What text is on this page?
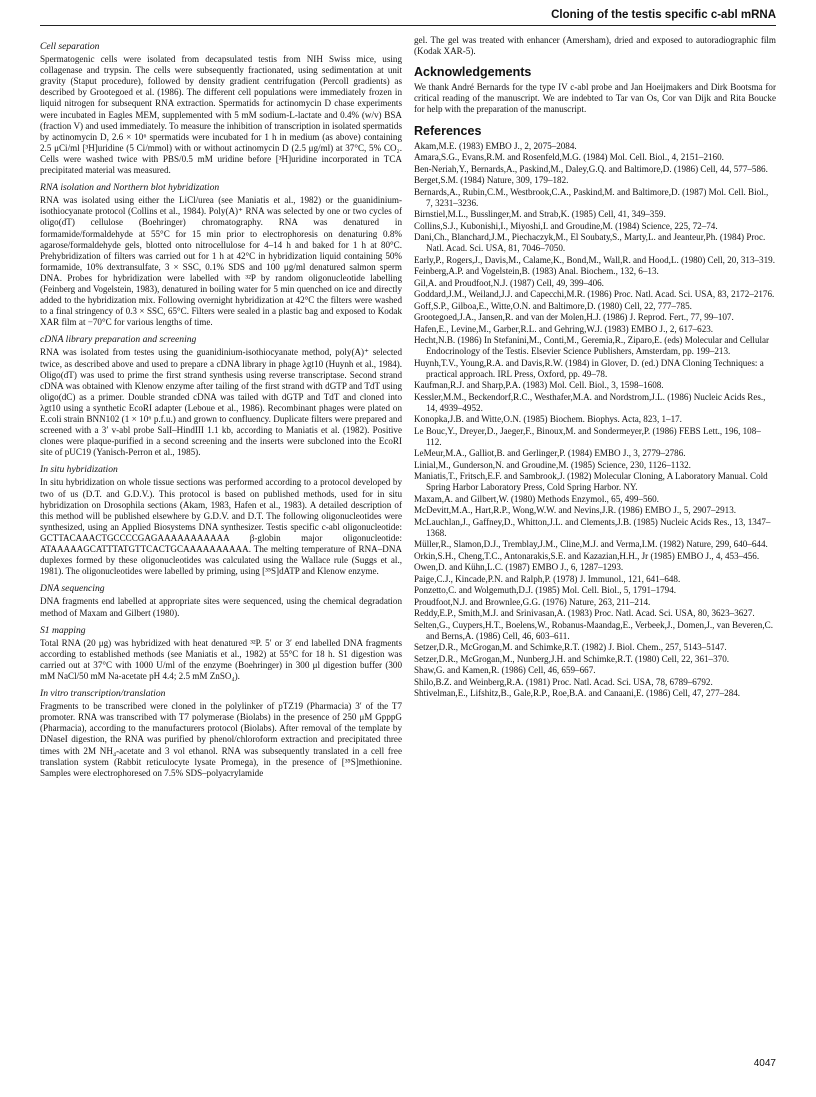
Cloning of the testis specific c-abl mRNA
Cell separation

Spermatogenic cells were isolated from decapsulated testis from NIH Swiss mice, using collagenase and trypsin. The cells were subsequently fractionated, using sedimentation at unit gravity (Staput procedure), followed by density gradient centrifugation (Percoll gradients) as described by Grootegoed et al. (1986). The different cell populations were immediately frozen in liquid nitrogen for subsequent RNA extraction. Spermatids for actinomycin D chase experiments were incubated in Eagles MEM, supplemented with 5 mM sodium-L-lactate and 0.4% (w/v) BSA (fraction V) and used immediately. To measure the inhibition of transcription in isolated spermatids by actinomycin D, 2.6 × 10⁶ spermatids were incubated for 1 h in medium (as above) containing 2.5 μCi/ml [³H]uridine (5 Ci/mmol) with or without actinomycin D (2.5 μg/ml) at 37°C, 5% CO₂. Cells were washed twice with PBS/0.5 mM uridine before [³H]uridine incorporated in TCA precipitated material was measured.

RNA isolation and Northern blot hybridization

RNA was isolated using either the LiCl/urea (see Maniatis et al., 1982) or the guanidinium-isothiocyanate protocol (Collins et al., 1984). Poly(A)⁺ RNA was selected by one or two cycles of oligo(dT) cellulose (Boehringer) chromatography. RNA was denatured in formamide/formaldehyde at 55°C for 15 min prior to electrophoresis on denaturing 0.8% agarose/formaldehyde gels, blotted onto nitrocellulose for 4–14 h and baked for 1 h at 80°C. Prehybridization of filters was carried out for 1 h at 42°C in hybridization liquid containing 50% formamide, 10% dextransulfate, 3 × SSC, 0.1% SDS and 100 μg/ml denatured salmon sperm DNA. Probes for hybridization were labelled with ³²P by random oligonucleotide labelling (Feinberg and Vogelstein, 1983), denatured in boiling water for 5 min quenched on ice and directly added to the hybridization mix. Following overnight hybridization at 42°C the filters were washed to a final stringency of 0.3 × SSC, 65°C. Filters were sealed in a plastic bag and exposed to Kodak XAR film at −70°C for various lengths of time.

cDNA library preparation and screening

RNA was isolated from testes using the guanidinium-isothiocyanate method, poly(A)⁺ selected twice, as described above and used to prepare a cDNA library in phage λgt10 (Huynh et al., 1984). Oligo(dT) was used to prime the first strand synthesis using reverse transcriptase. Second strand cDNA was obtained with Klenow enzyme after tailing of the first strand with dGTP and TdT using oligo(dC) as a primer. Double stranded cDNA was tailed with dGTP and TdT and cloned into λgt10 using a synthetic EcoRI adapter (Leboue et al., 1986). Recombinant phages were plated on E.coli strain BNN102 (1 × 10⁶ p.f.u.) and grown to confluency. Duplicate filters were prepared and screened with a 3′ v-abl probe SalI–HindIII 1.1 kb, according to Maniatis et al. (1982). Positive clones were plaque-purified in a second screening and the inserts were subcloned into the EcoRI site of pUC19 (Yanisch-Perron et al., 1985).

In situ hybridization

In situ hybridization on whole tissue sections was performed according to a protocol developed by two of us (D.T. and G.D.V.). This protocol is based on published methods, used for in situ hybridization on Drosophila sections (Akam, 1983, Hafen et al., 1983). A detailed description of this method will be published elsewhere by G.D.V. and D.T. The following oligonucleotides were synthesized, using an Applied Biosystems DNA synthesizer. Testis specific c-abl oligonucleotide: GCTTACAAACTGCCCCGAGAAAAAAAAAAA β-globin major oligonucleotide: ATAAAAAGCATTTATGTTCACTGCAAAAAAAAAA. The melting temperature of RNA–DNA duplexes formed by these oligonucleotides was calculated using the Wallace rule (Suggs et al., 1981). The oligonucleotides were labelled by priming, using [³⁵S]dATP and Klenow enzyme.

DNA sequencing

DNA fragments end labelled at appropriate sites were sequenced, using the chemical degradation method of Maxam and Gilbert (1980).

S1 mapping

Total RNA (20 μg) was hybridized with heat denatured ³²P. 5′ or 3′ end labelled DNA fragments according to established methods (see Maniatis et al., 1982) at 55°C for 18 h. S1 digestion was carried out at 37°C with 1000 U/ml of the enzyme (Boehringer) in 300 μl digestion buffer (300 mM NaCl/50 mM Na-acetate pH 4.4; 2.5 mM ZnSO₄).

In vitro transcription/translation

Fragments to be transcribed were cloned in the polylinker of pTZ19 (Pharmacia) 3′ of the T7 promoter. RNA was transcribed with T7 polymerase (Biolabs) in the presence of 250 μM GpppG (Pharmacia), according to the manufacturers protocol (Biolabs). After removal of the template by DNaseI digestion, the RNA was purified by phenol/chloroform extraction and precipitated three times with 2M NH₄-acetate and 3 vol ethanol. RNA was subsequently translated in a cell free translation system (Rabbit reticulocyte lysate Promega), in the presence of [³⁵S]methionine. Samples were electrophoresed on 7.5% SDS–polyacrylamide

gel. The gel was treated with enhancer (Amersham), dried and exposed to autoradiographic film (Kodak XAR-5).

Acknowledgements

We thank André Bernards for the type IV c-abl probe and Jan Hoeijmakers and Dirk Bootsma for critical reading of the manuscript. We are indebted to Tar van Os, Cor van Dijk and Rita Boucke for help with the preparation of the manuscript.

References

Akam,M.E. (1983) EMBO J., 2, 2075–2084.

Amara,S.G., Evans,R.M. and Rosenfeld,M.G. (1984) Mol. Cell. Biol., 4, 2151–2160.

Ben-Neriah,Y., Bernards,A., Paskind,M., Daley,G.Q. and Baltimore,D. (1986) Cell, 44, 577–586.

Berget,S.M. (1984) Nature, 309, 179–182.

Bernards,A., Rubin,C.M., Westbrook,C.A., Paskind,M. and Baltimore,D. (1987) Mol. Cell. Biol., 7, 3231–3236.

Birnstiel,M.L., Busslinger,M. and Strab,K. (1985) Cell, 41, 349–359.

Collins,S.J., Kubonishi,I., Miyoshi,I. and Groudine,M. (1984) Science, 225, 72–74.

Dani,Ch., Blanchard,J.M., Piechaczyk,M., El Soubaty,S., Marty,L. and Jeanteur,Ph. (1984) Proc. Natl. Acad. Sci. USA, 81, 7046–7050.

Early,P., Rogers,J., Davis,M., Calame,K., Bond,M., Wall,R. and Hood,L. (1980) Cell, 20, 313–319.

Feinberg,A.P. and Vogelstein,B. (1983) Anal. Biochem., 132, 6–13.

Gil,A. and Proudfoot,N.J. (1987) Cell, 49, 399–406.

Goddard,J.M., Weiland,J.J. and Capecchi,M.R. (1986) Proc. Natl. Acad. Sci. USA, 83, 2172–2176.

Goff,S.P., Gilboa,E., Witte,O.N. and Baltimore,D. (1980) Cell, 22, 777–785.

Grootegoed,J.A., Jansen,R. and van der Molen,H.J. (1986) J. Reprod. Fert., 77, 99–107.

Hafen,E., Levine,M., Garber,R.L. and Gehring,W.J. (1983) EMBO J., 2, 617–623.

Hecht,N.B. (1986) In Stefanini,M., Conti,M., Geremia,R., Ziparo,E. (eds) Molecular and Cellular Endocrinology of the Testis. Elsevier Science Publishers, Amsterdam, pp. 199–213.

Huynh,T.V., Young,R.A. and Davis,R.W. (1984) in Glover, D. (ed.) DNA Cloning Techniques: a practical approach. IRL Press, Oxford, pp. 49–78.

Kaufman,R.J. and Sharp,P.A. (1983) Mol. Cell. Biol., 3, 1598–1608.

Kessler,M.M., Beckendorf,R.C., Westhafer,M.A. and Nordstrom,J.L. (1986) Nucleic Acids Res., 14, 4939–4952.

Konopka,J.B. and Witte,O.N. (1985) Biochem. Biophys. Acta, 823, 1–17.

Le Bouc,Y., Dreyer,D., Jaeger,F., Binoux,M. and Sondermeyer,P. (1986) FEBS Lett., 196, 108–112.

LeMeur,M.A., Galliot,B. and Gerlinger,P. (1984) EMBO J., 3, 2779–2786.

Linial,M., Gunderson,N. and Groudine,M. (1985) Science, 230, 1126–1132.

Maniatis,T., Fritsch,E.F. and Sambrook,J. (1982) Molecular Cloning, A Laboratory Manual. Cold Spring Harbor Laboratory Press, Cold Spring Harbor. NY.

Maxam,A. and Gilbert,W. (1980) Methods Enzymol., 65, 499–560.

McDevitt,M.A., Hart,R.P., Wong,W.W. and Nevins,J.R. (1986) EMBO J., 5, 2907–2913.

McLauchlan,J., Gaffney,D., Whitton,J.L. and Clements,J.B. (1985) Nucleic Acids Res., 13, 1347–1368.

Müller,R., Slamon,D.J., Tremblay,J.M., Cline,M.J. and Verma,I.M. (1982) Nature, 299, 640–644.

Orkin,S.H., Cheng,T.C., Antonarakis,S.E. and Kazazian,H.H., Jr (1985) EMBO J., 4, 453–456.

Owen,D. and Kühn,L.C. (1987) EMBO J., 6, 1287–1293.

Paige,C.J., Kincade,P.N. and Ralph,P. (1978) J. Immunol., 121, 641–648.

Ponzetto,C. and Wolgemuth,D.J. (1985) Mol. Cell. Biol., 5, 1791–1794.

Proudfoot,N.J. and Brownlee,G.G. (1976) Nature, 263, 211–214.

Reddy,E.P., Smith,M.J. and Srinivasan,A. (1983) Proc. Natl. Acad. Sci. USA, 80, 3623–3627.

Selten,G., Cuypers,H.T., Boelens,W., Robanus-Maandag,E., Verbeek,J., Domen,J., van Beveren,C. and Berns,A. (1986) Cell, 46, 603–611.

Setzer,D.R., McGrogan,M. and Schimke,R.T. (1982) J. Biol. Chem., 257, 5143–5147.

Setzer,D.R., McGrogan,M., Nunberg,J.H. and Schimke,R.T. (1980) Cell, 22, 361–370.

Shaw,G. and Kamen,R. (1986) Cell, 46, 659–667.

Shilo,B.Z. and Weinberg,R.A. (1981) Proc. Natl. Acad. Sci. USA, 78, 6789–6792.

Shtivelman,E., Lifshitz,B., Gale,R.P., Roe,B.A. and Canaani,E. (1986) Cell, 47, 277–284.

4047
